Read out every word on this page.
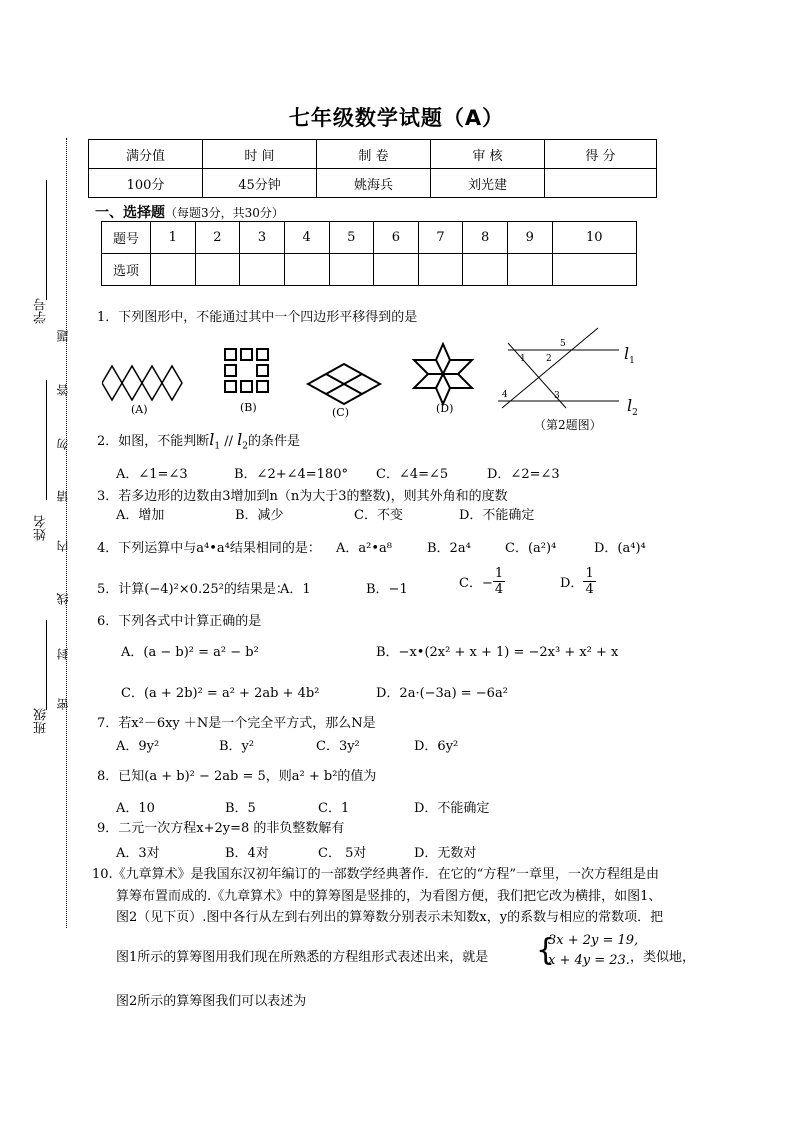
七年级数学试题（A）
满分值	时 间	制 卷	审 核	得 分
100分	45分钟	姚海兵	刘光建	
一、选择题（每题3分，共30分）
题号	1	2	3	4	5	6	7	8	9	10
选项										
学号
姓名
班级
题
答
勿
请
内
线
封
密
1．下列图形中，不能通过其中一个四边形平移得到的是
(A)	(B)	(C)	(D)
1 2
3
4
5	$l_1$
$l_2$
（第2题图）
2．如图，不能判断$l_1 // l_2$的条件是
A．∠1=∠3	B．∠2+∠4=180° C．∠4=∠5	D．∠2=∠3
3．若多边形的边数由3增加到n（n为大于3的整数)，则其外角和的度数
A．增加	B．减少	C．不变	D．不能确定
4．下列运算中与a⁴•a⁴结果相同的是： A．a²•a⁸	B．2a⁴	C．(a²)⁴	D．(a⁴)⁴
5．计算(−4)²×0.25²的结果是：
A．1	B．−1	C．− $\frac{1}{4}$	D． $\frac{1}{4}$
6．下列各式中计算正确的是
A．(a − b)² = a² − b²	B．−x•(2x² + x + 1) = −2x³ + x² + x
C．(a + 2b)² = a² + 2ab + 4b²	D．2a·(−3a) = −6a²
7．若x²－6xy ＋N是一个完全平方式，那么N是
A．9y²	B．y²	C．3y²	D．6y²
8．已知(a + b)² − 2ab = 5，则a² + b²的值为
A．10	B．5	C．1	D．不能确定
9．二元一次方程x+2y=8 的非负整数解有
A．3对	B．4对	C． 5对	D．无数对
10.《九章算术》是我国东汉初年编订的一部数学经典著作．在它的“方程”一章里，一次方程组是由
算筹布置而成的.《九章算术》中的算筹图是竖排的，为看图方便，我们把它改为横排，如图1、
图2（见下页）.图中各行从左到右列出的算筹数分别表示未知数x，y的系数与相应的常数项．把
图1所示的算筹图用我们现在所熟悉的方程组形式表述出来，就是 {
3x + 2y = 19,
x + 4y = 23. ，类似地，
图2所示的算筹图我们可以表述为
